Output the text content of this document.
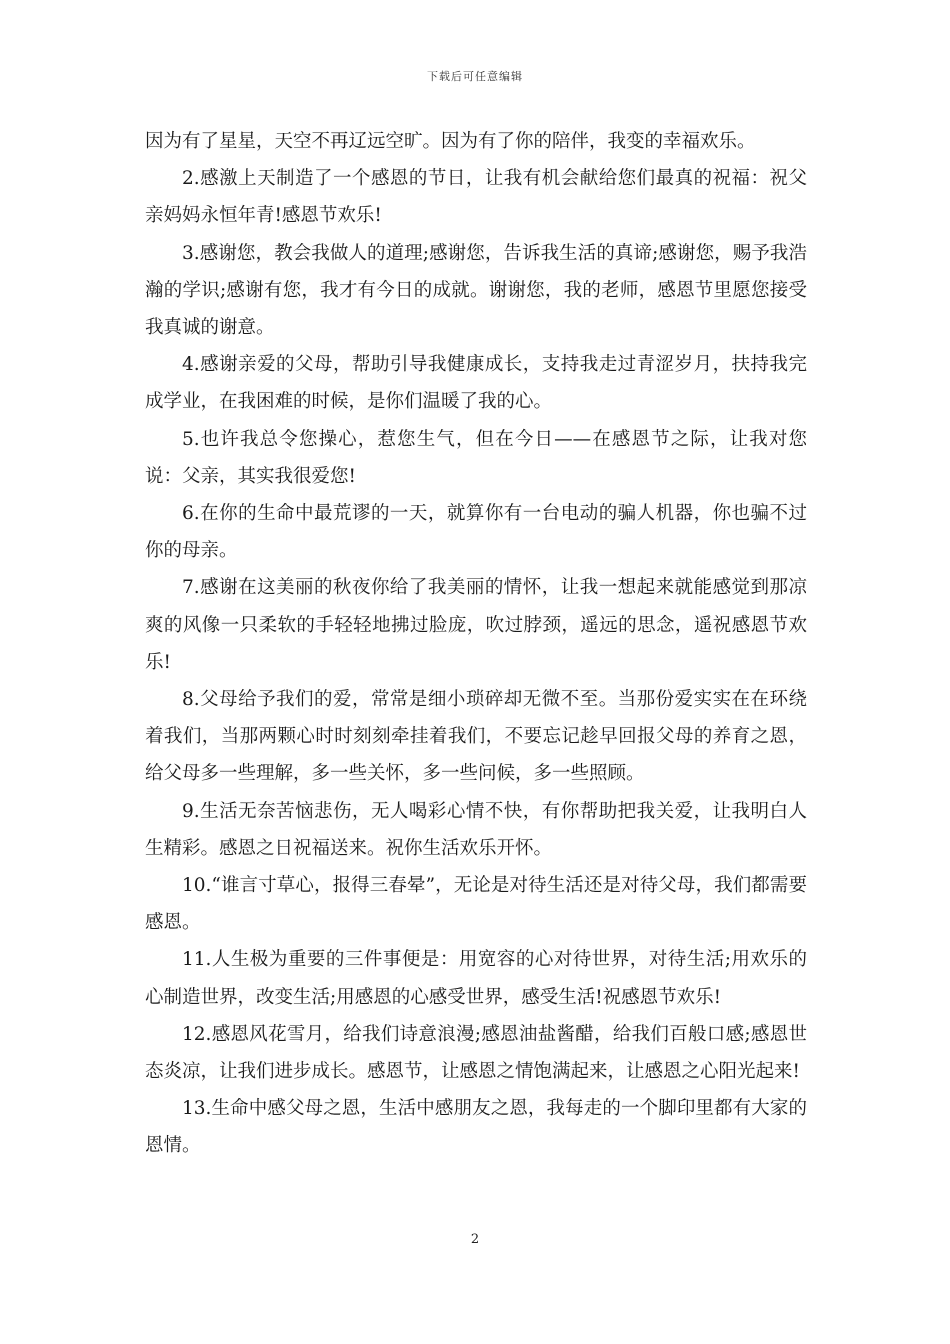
下载后可任意编辑

因为有了星星，天空不再辽远空旷。因为有了你的陪伴，我变的幸福欢乐。

2.感激上天制造了一个感恩的节日，让我有机会献给您们最真的祝福：祝父亲妈妈永恒年青!感恩节欢乐!

3.感谢您，教会我做人的道理;感谢您，告诉我生活的真谛;感谢您，赐予我浩瀚的学识;感谢有您，我才有今日的成就。谢谢您，我的老师，感恩节里愿您接受我真诚的谢意。

4.感谢亲爱的父母，帮助引导我健康成长，支持我走过青涩岁月，扶持我完成学业，在我困难的时候，是你们温暖了我的心。

5.也许我总令您操心，惹您生气，但在今日——在感恩节之际，让我对您说：父亲，其实我很爱您!

6.在你的生命中最荒谬的一天，就算你有一台电动的骗人机器，你也骗不过你的母亲。

7.感谢在这美丽的秋夜你给了我美丽的情怀，让我一想起来就能感觉到那凉爽的风像一只柔软的手轻轻地拂过脸庞，吹过脖颈，遥远的思念，遥祝感恩节欢乐!

8.父母给予我们的爱，常常是细小琐碎却无微不至。当那份爱实实在在环绕着我们，当那两颗心时时刻刻牵挂着我们，不要忘记趁早回报父母的养育之恩，给父母多一些理解，多一些关怀，多一些问候，多一些照顾。

9.生活无奈苦恼悲伤，无人喝彩心情不快，有你帮助把我关爱，让我明白人生精彩。感恩之日祝福送来。祝你生活欢乐开怀。

10.“谁言寸草心，报得三春晕”，无论是对待生活还是对待父母，我们都需要感恩。

11.人生极为重要的三件事便是：用宽容的心对待世界，对待生活;用欢乐的心制造世界，改变生活;用感恩的心感受世界，感受生活!祝感恩节欢乐!

12.感恩风花雪月，给我们诗意浪漫;感恩油盐酱醋，给我们百般口感;感恩世态炎凉，让我们进步成长。感恩节，让感恩之情饱满起来，让感恩之心阳光起来!

13.生命中感父母之恩，生活中感朋友之恩，我每走的一个脚印里都有大家的恩情。

2
